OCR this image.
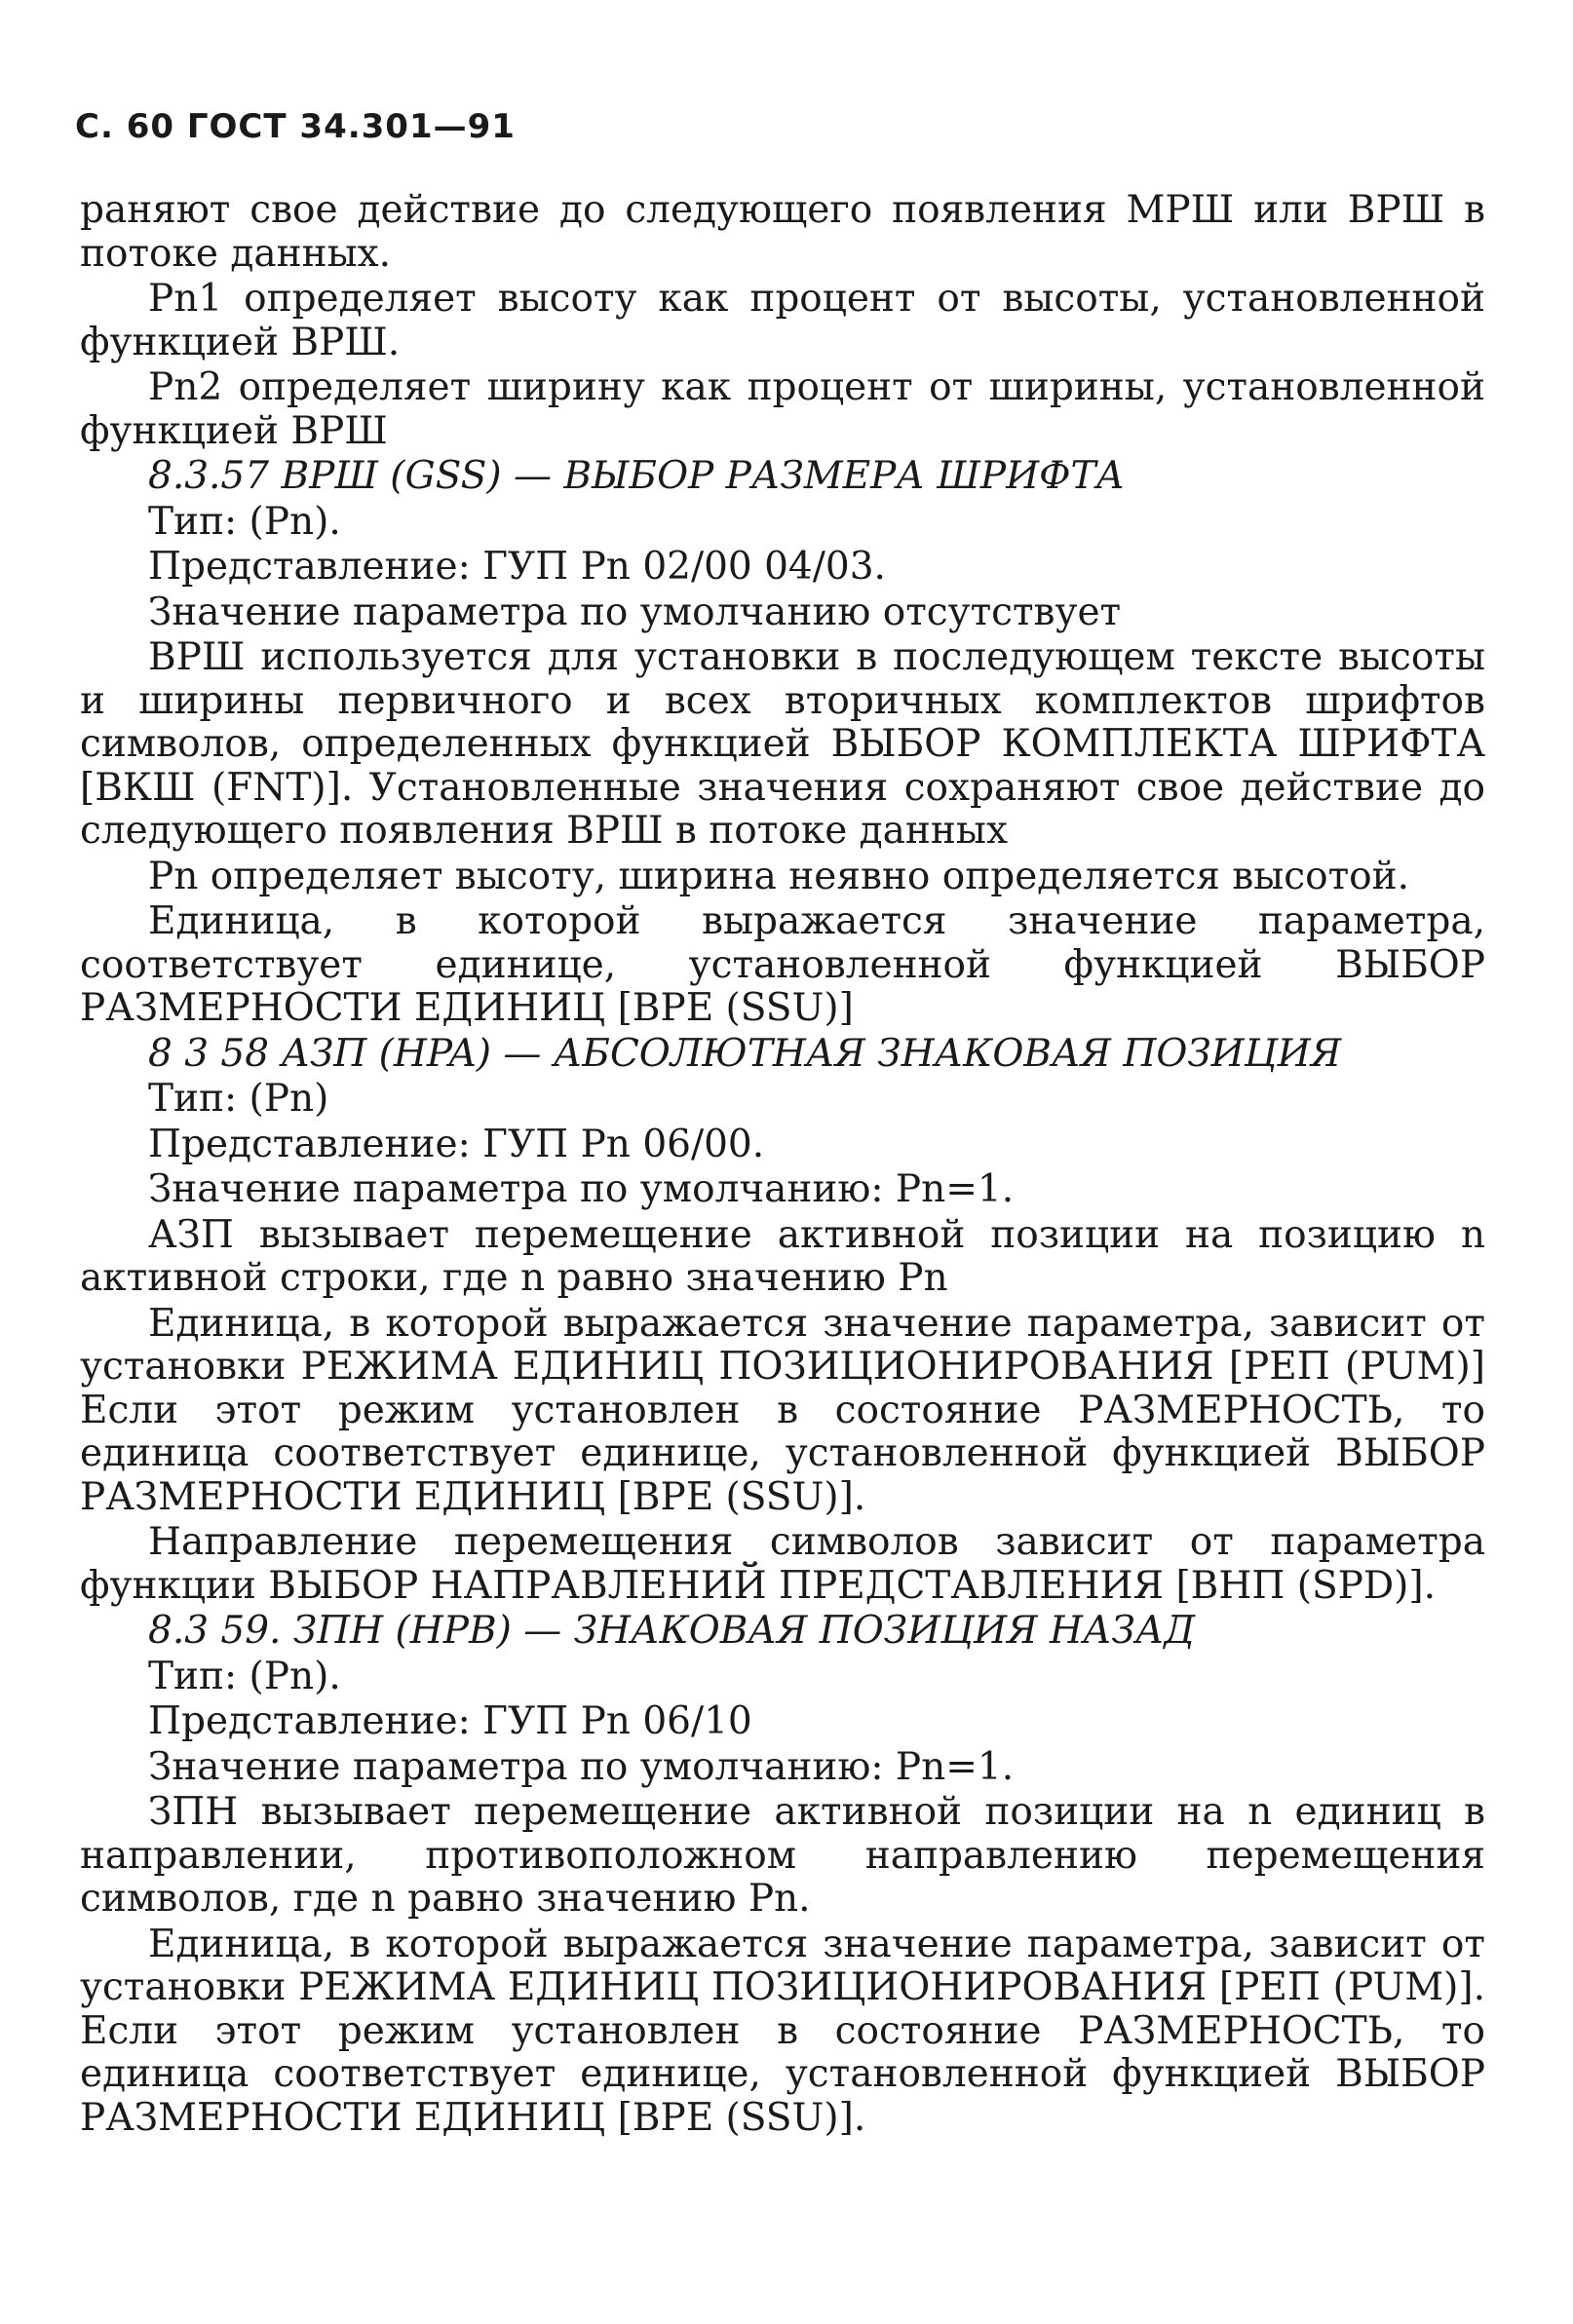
С. 60 ГОСТ 34.301—91

раняют свое действие до следующего появления МРШ или ВРШ в потоке данных.

Pn1 определяет высоту как процент от высоты, установленной функцией ВРШ.

Pn2 определяет ширину как процент от ширины, установленной функцией ВРШ

8.3.57 ВРШ (GSS) — ВЫБОР РАЗМЕРА ШРИФТА

Тип: (Pn).

Представление: ГУП Pn 02/00 04/03.

Значение параметра по умолчанию отсутствует

ВРШ используется для установки в последующем тексте высоты и ширины первичного и всех вторичных комплектов шрифтов символов, определенных функцией ВЫБОР КОМПЛЕКТА ШРИФТА [ВКШ (FNT)]. Установленные значения сохраняют свое действие до следующего появления ВРШ в потоке данных

Pn определяет высоту, ширина неявно определяется высотой.

Единица, в которой выражается значение параметра, соответствует единице, установленной функцией ВЫБОР РАЗМЕРНОСТИ ЕДИНИЦ [ВРЕ (SSU)]

8 3 58 АЗП (HPA) — АБСОЛЮТНАЯ ЗНАКОВАЯ ПОЗИЦИЯ

Тип: (Pn)

Представление: ГУП Pn 06/00.

Значение параметра по умолчанию: Pn=1.

АЗП вызывает перемещение активной позиции на позицию n активной строки, где n равно значению Pn

Единица, в которой выражается значение параметра, зависит от установки РЕЖИМА ЕДИНИЦ ПОЗИЦИОНИРОВАНИЯ [РЕП (PUM)] Если этот режим установлен в состояние РАЗМЕРНОСТЬ, то единица соответствует единице, установленной функцией ВЫБОР РАЗМЕРНОСТИ ЕДИНИЦ [ВРЕ (SSU)].

Направление перемещения символов зависит от параметра функции ВЫБОР НАПРАВЛЕНИЙ ПРЕДСТАВЛЕНИЯ [ВНП (SPD)].

8.3 59. ЗПН (HPB) — ЗНАКОВАЯ ПОЗИЦИЯ НАЗАД

Тип: (Pn).

Представление: ГУП Pn 06/10

Значение параметра по умолчанию: Pn=1.

ЗПН вызывает перемещение активной позиции на n единиц в направлении, противоположном направлению перемещения символов, где n равно значению Pn.

Единица, в которой выражается значение параметра, зависит от установки РЕЖИМА ЕДИНИЦ ПОЗИЦИОНИРОВАНИЯ [РЕП (PUM)]. Если этот режим установлен в состояние РАЗМЕРНОСТЬ, то единица соответствует единице, установленной функцией ВЫБОР РАЗМЕРНОСТИ ЕДИНИЦ [ВРЕ (SSU)].
